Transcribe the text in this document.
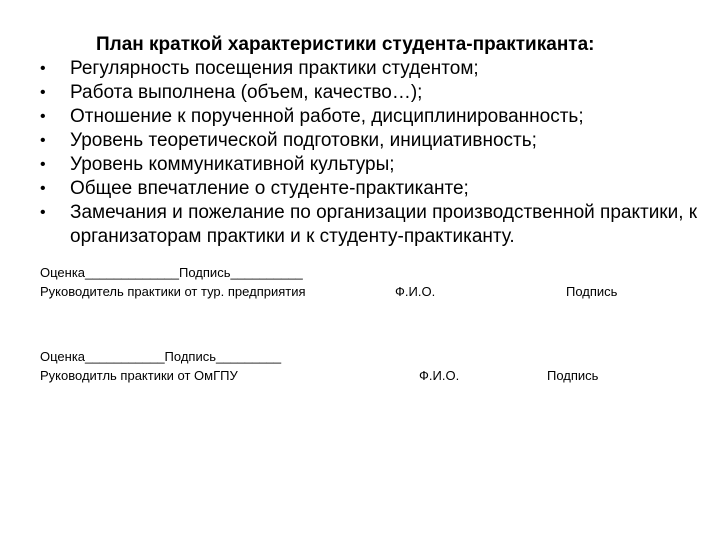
План краткой характеристики студента-практиканта:
• Регулярность посещения практики студентом;
• Работа выполнена (объем, качество…);
• Отношение к порученной работе, дисциплинированность;
• Уровень теоретической подготовки, инициативность;
• Уровень коммуникативной культуры;
• Общее впечатление о студенте-практиканте;
• Замечания и пожелание по организации производственной практики, к организаторам практики и к студенту-практиканту.
Оценка_____________Подпись__________
Руководитель практики от тур. предприятия	Ф.И.О.	Подпись
Оценка___________Подпись_________
Руководитль практики от ОмГПУ	Ф.И.О.	Подпись
